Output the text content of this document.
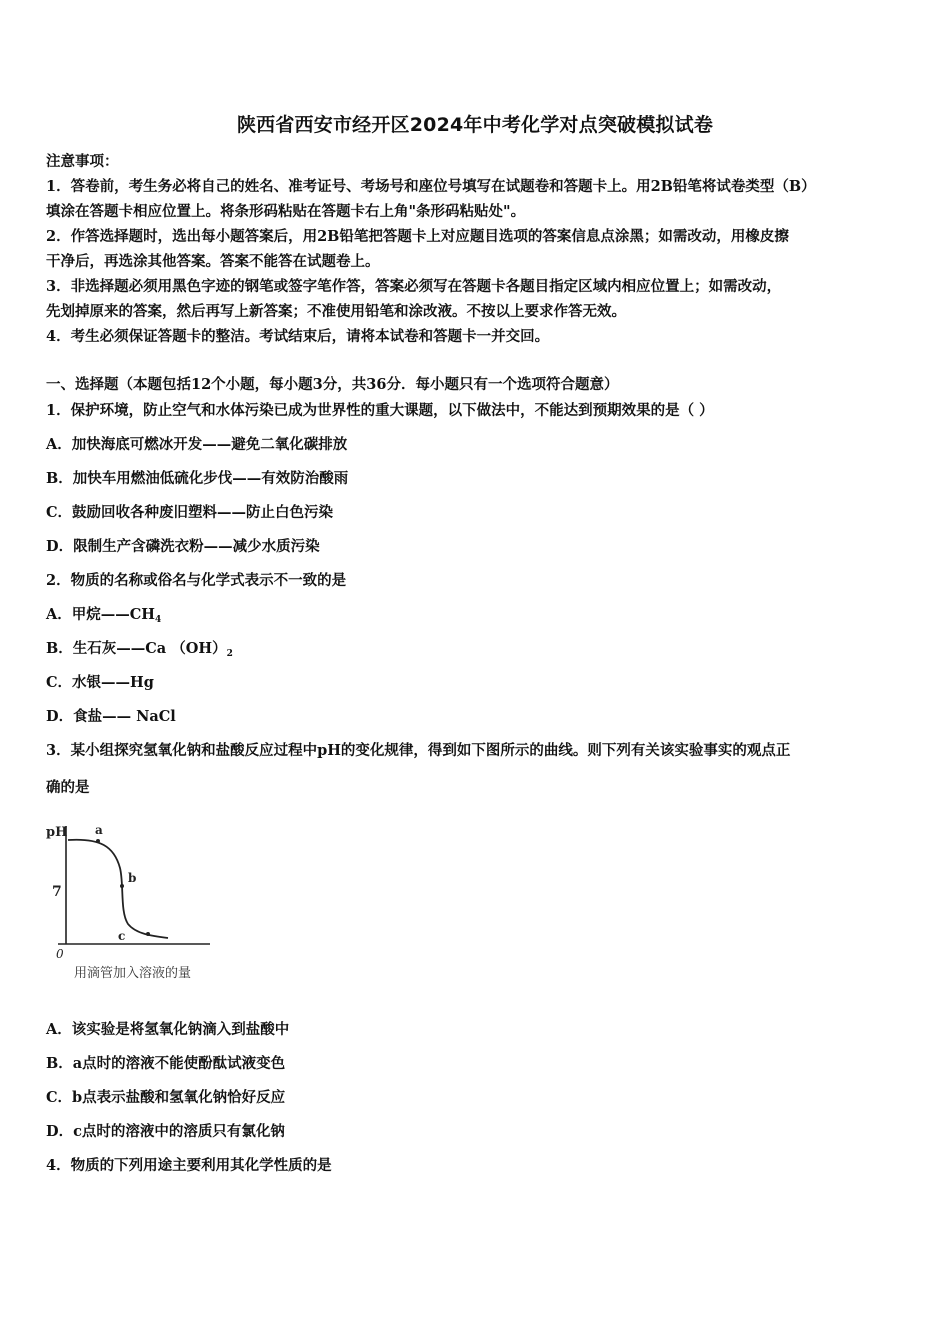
陕西省西安市经开区2024年中考化学对点突破模拟试卷
注意事项：
1．答卷前，考生务必将自己的姓名、准考证号、考场号和座位号填写在试题卷和答题卡上。用2B铅笔将试卷类型（B）
填涂在答题卡相应位置上。将条形码粘贴在答题卡右上角"条形码粘贴处"。
2．作答选择题时，选出每小题答案后，用2B铅笔把答题卡上对应题目选项的答案信息点涂黑；如需改动，用橡皮擦
干净后，再选涂其他答案。答案不能答在试题卷上。
3．非选择题必须用黑色字迹的钢笔或签字笔作答，答案必须写在答题卡各题目指定区域内相应位置上；如需改动，
先划掉原来的答案，然后再写上新答案；不准使用铅笔和涂改液。不按以上要求作答无效。
4．考生必须保证答题卡的整洁。考试结束后，请将本试卷和答题卡一并交回。
一、选择题（本题包括12个小题，每小题3分，共36分．每小题只有一个选项符合题意）
1．保护环境，防止空气和水体污染已成为世界性的重大课题，以下做法中，不能达到预期效果的是（ ）
A．加快海底可燃冰开发——避免二氧化碳排放
B．加快车用燃油低硫化步伐——有效防治酸雨
C．鼓励回收各种废旧塑料——防止白色污染
D．限制生产含磷洗衣粉——减少水质污染
2．物质的名称或俗名与化学式表示不一致的是
A．甲烷$——CH_4$
B．生石灰——Ca $(OH)_2$
C．水银——Hg
D．食盐—— NaCl
3．某小组探究氢氧化钠和盐酸反应过程中pH的变化规律，得到如下图所示的曲线。则下列有关该实验事实的观点正
确的是
pH
7
0
a
b
c
用滴管加入溶液的量
A．该实验是将氢氧化钠滴入到盐酸中
B．a点时的溶液不能使酚酞试液变色
C．b点表示盐酸和氢氧化钠恰好反应
D．c点时的溶液中的溶质只有氯化钠
4．物质的下列用途主要利用其化学性质的是
